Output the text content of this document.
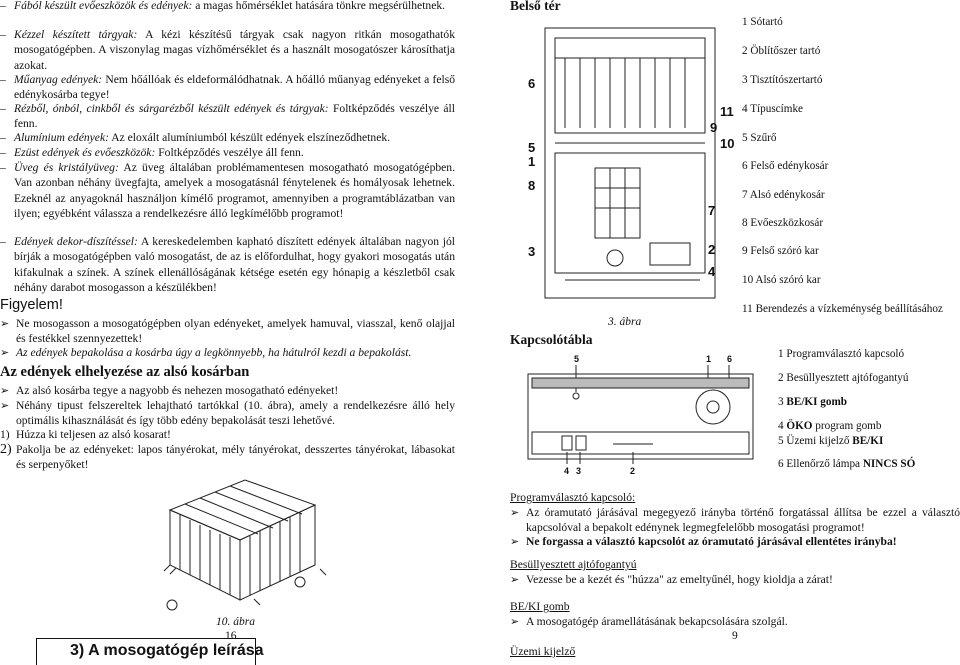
– Fából készült evőeszközök és edények: a magas hőmérséklet hatására tönkre megsérülhetnek.
– Kézzel készített tárgyak: A kézi készítésű tárgyak csak nagyon ritkán mosogathatók mosogatógépben. A viszonylag magas vízhőmérséklet és a használt mosogatószer károsíthatja azokat.
– Műanyag edények: Nem hőállóak és eldeformálódhatnak. A hőálló műanyag edényeket a felső edénykosárba tegye!
– Rézből, ónból, cinkből és sárgarézből készült edények és tárgyak: Foltképződés veszélye áll fenn.
– Alumínium edények: Az eloxált alumíniumból készült edények elszíneződhetnek.
– Ezüst edények és evőeszközök: Foltképződés veszélye áll fenn.
– Üveg és kristályüveg: Az üveg általában problémamentesen mosogatható mosogatógépben. Van azonban néhány üvegfajta, amelyek a mosogatásnál fénytelenek és homályosak lehetnek. Ezeknél az anyagoknál használjon kímélő programot, amennyiben a programtáblázatban van ilyen; egyébként válassza a rendelkezésre álló legkímélőbb programot!
– Edények dekor-díszítéssel: A kereskedelemben kapható díszített edények általában nagyon jól bírják a mosogatógépben való mosogatást, de az is előfordulhat, hogy gyakori mosogatás után kifakulnak a színek. A színek ellenállóságának kétsége esetén egy hónapig a készletből csak néhány darabot mosogasson a készülékben!
Figyelem!
➢ Ne mosogasson a mosogatógépben olyan edényeket, amelyek hamuval, viasszal, kenő olajjal és festékkel szennyezettek!
➢ Az edények bepakolása a kosárba úgy a legkönnyebb, ha hátulról kezdi a bepakolást.
Az edények elhelyezése az alsó kosárban
➢ Az alsó kosárba tegye a nagyobb és nehezen mosogatható edényeket!
➢ Néhány tipust felszereltek lehajtható tartókkal (10. ábra), amely a rendelkezésre álló hely optimális kihasználását és így több edény bepakolását teszi lehetővé.
1) Húzza ki teljesen az alsó kosarat!
2) Pakolja be az edényeket: lapos tányérokat, mély tányérokat, desszertes tányérokat, lábasokat és serpenyőket!
10. ábra
16
3) A mosogatógép leírása
Belső tér
6
11
9
10
5
1
8
7
3	2
4
3. ábra
1 Sótartó
2 Öblítőszer tartó
3 Tisztítószertartó
4 Típuscímke
5 Szűrő
6 Felső edénykosár
7 Alsó edénykosár
8 Evőeszközkosár
9 Felső szóró kar
10 Alsó szóró kar
11 Berendezés a vízkeménység beállításához
Kapcsolótábla
5	1 6
4 3	2
1 Programválasztó kapcsoló
2 Besüllyesztett ajtófogantyú
3 BE/KI gomb
4 ÖKO program gomb
5 Üzemi kijelző BE/KI
6 Ellenőrző lámpa NINCS SÓ
Programválasztó kapcsoló:
➢ Az óramutató járásával megegyező irányba történő forgatással állítsa be ezzel a választó kapcsolóval a bepakolt edénynek legmegfelelőbb mosogatási programot!
➢ Ne forgassa a választó kapcsolót az óramutató járásával ellentétes irányba!
Besüllyesztett ajtófogantyú
➢ Vezesse be a kezét és "húzza" az emeltyűnél, hogy kioldja a zárat!
BE/KI gomb
➢ A mosogatógép áramellátásának bekapcsolására szolgál.
9
Üzemi kijelző
